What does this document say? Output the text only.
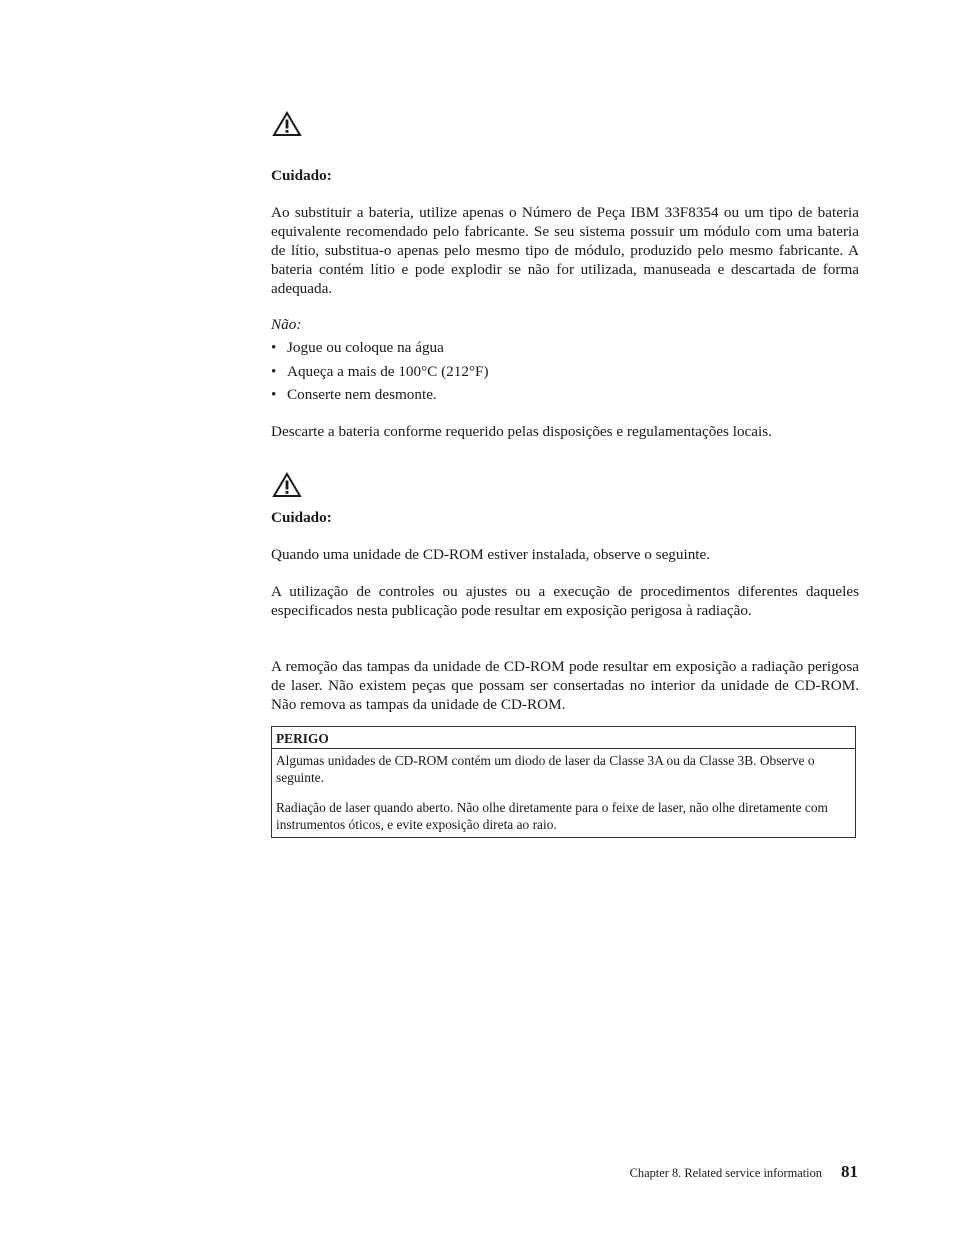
Cuidado:

Ao substituir a bateria, utilize apenas o Número de Peça IBM 33F8354 ou um tipo de bateria equivalente recomendado pelo fabricante. Se seu sistema possuir um módulo com uma bateria de lítio, substitua-o apenas pelo mesmo tipo de módulo, produzido pelo mesmo fabricante. A bateria contém lítio e pode explodir se não for utilizada, manuseada e descartada de forma adequada.

Não:

• Jogue ou coloque na água
• Aqueça a mais de 100°C (212°F)
• Conserte nem desmonte.

Descarte a bateria conforme requerido pelas disposições e regulamentações locais.

Cuidado:

Quando uma unidade de CD-ROM estiver instalada, observe o seguinte.

A utilização de controles ou ajustes ou a execução de procedimentos diferentes daqueles especificados nesta publicação pode resultar em exposição perigosa à radiação.

A remoção das tampas da unidade de CD-ROM pode resultar em exposição a radiação perigosa de laser. Não existem peças que possam ser consertadas no interior da unidade de CD-ROM. Não remova as tampas da unidade de CD-ROM.

PERIGO

Algumas unidades de CD-ROM contém um diodo de laser da Classe 3A ou da Classe 3B. Observe o seguinte.

Radiação de laser quando aberto. Não olhe diretamente para o feixe de laser, não olhe diretamente com instrumentos óticos, e evite exposição direta ao raio.

Chapter 8. Related service information 81
